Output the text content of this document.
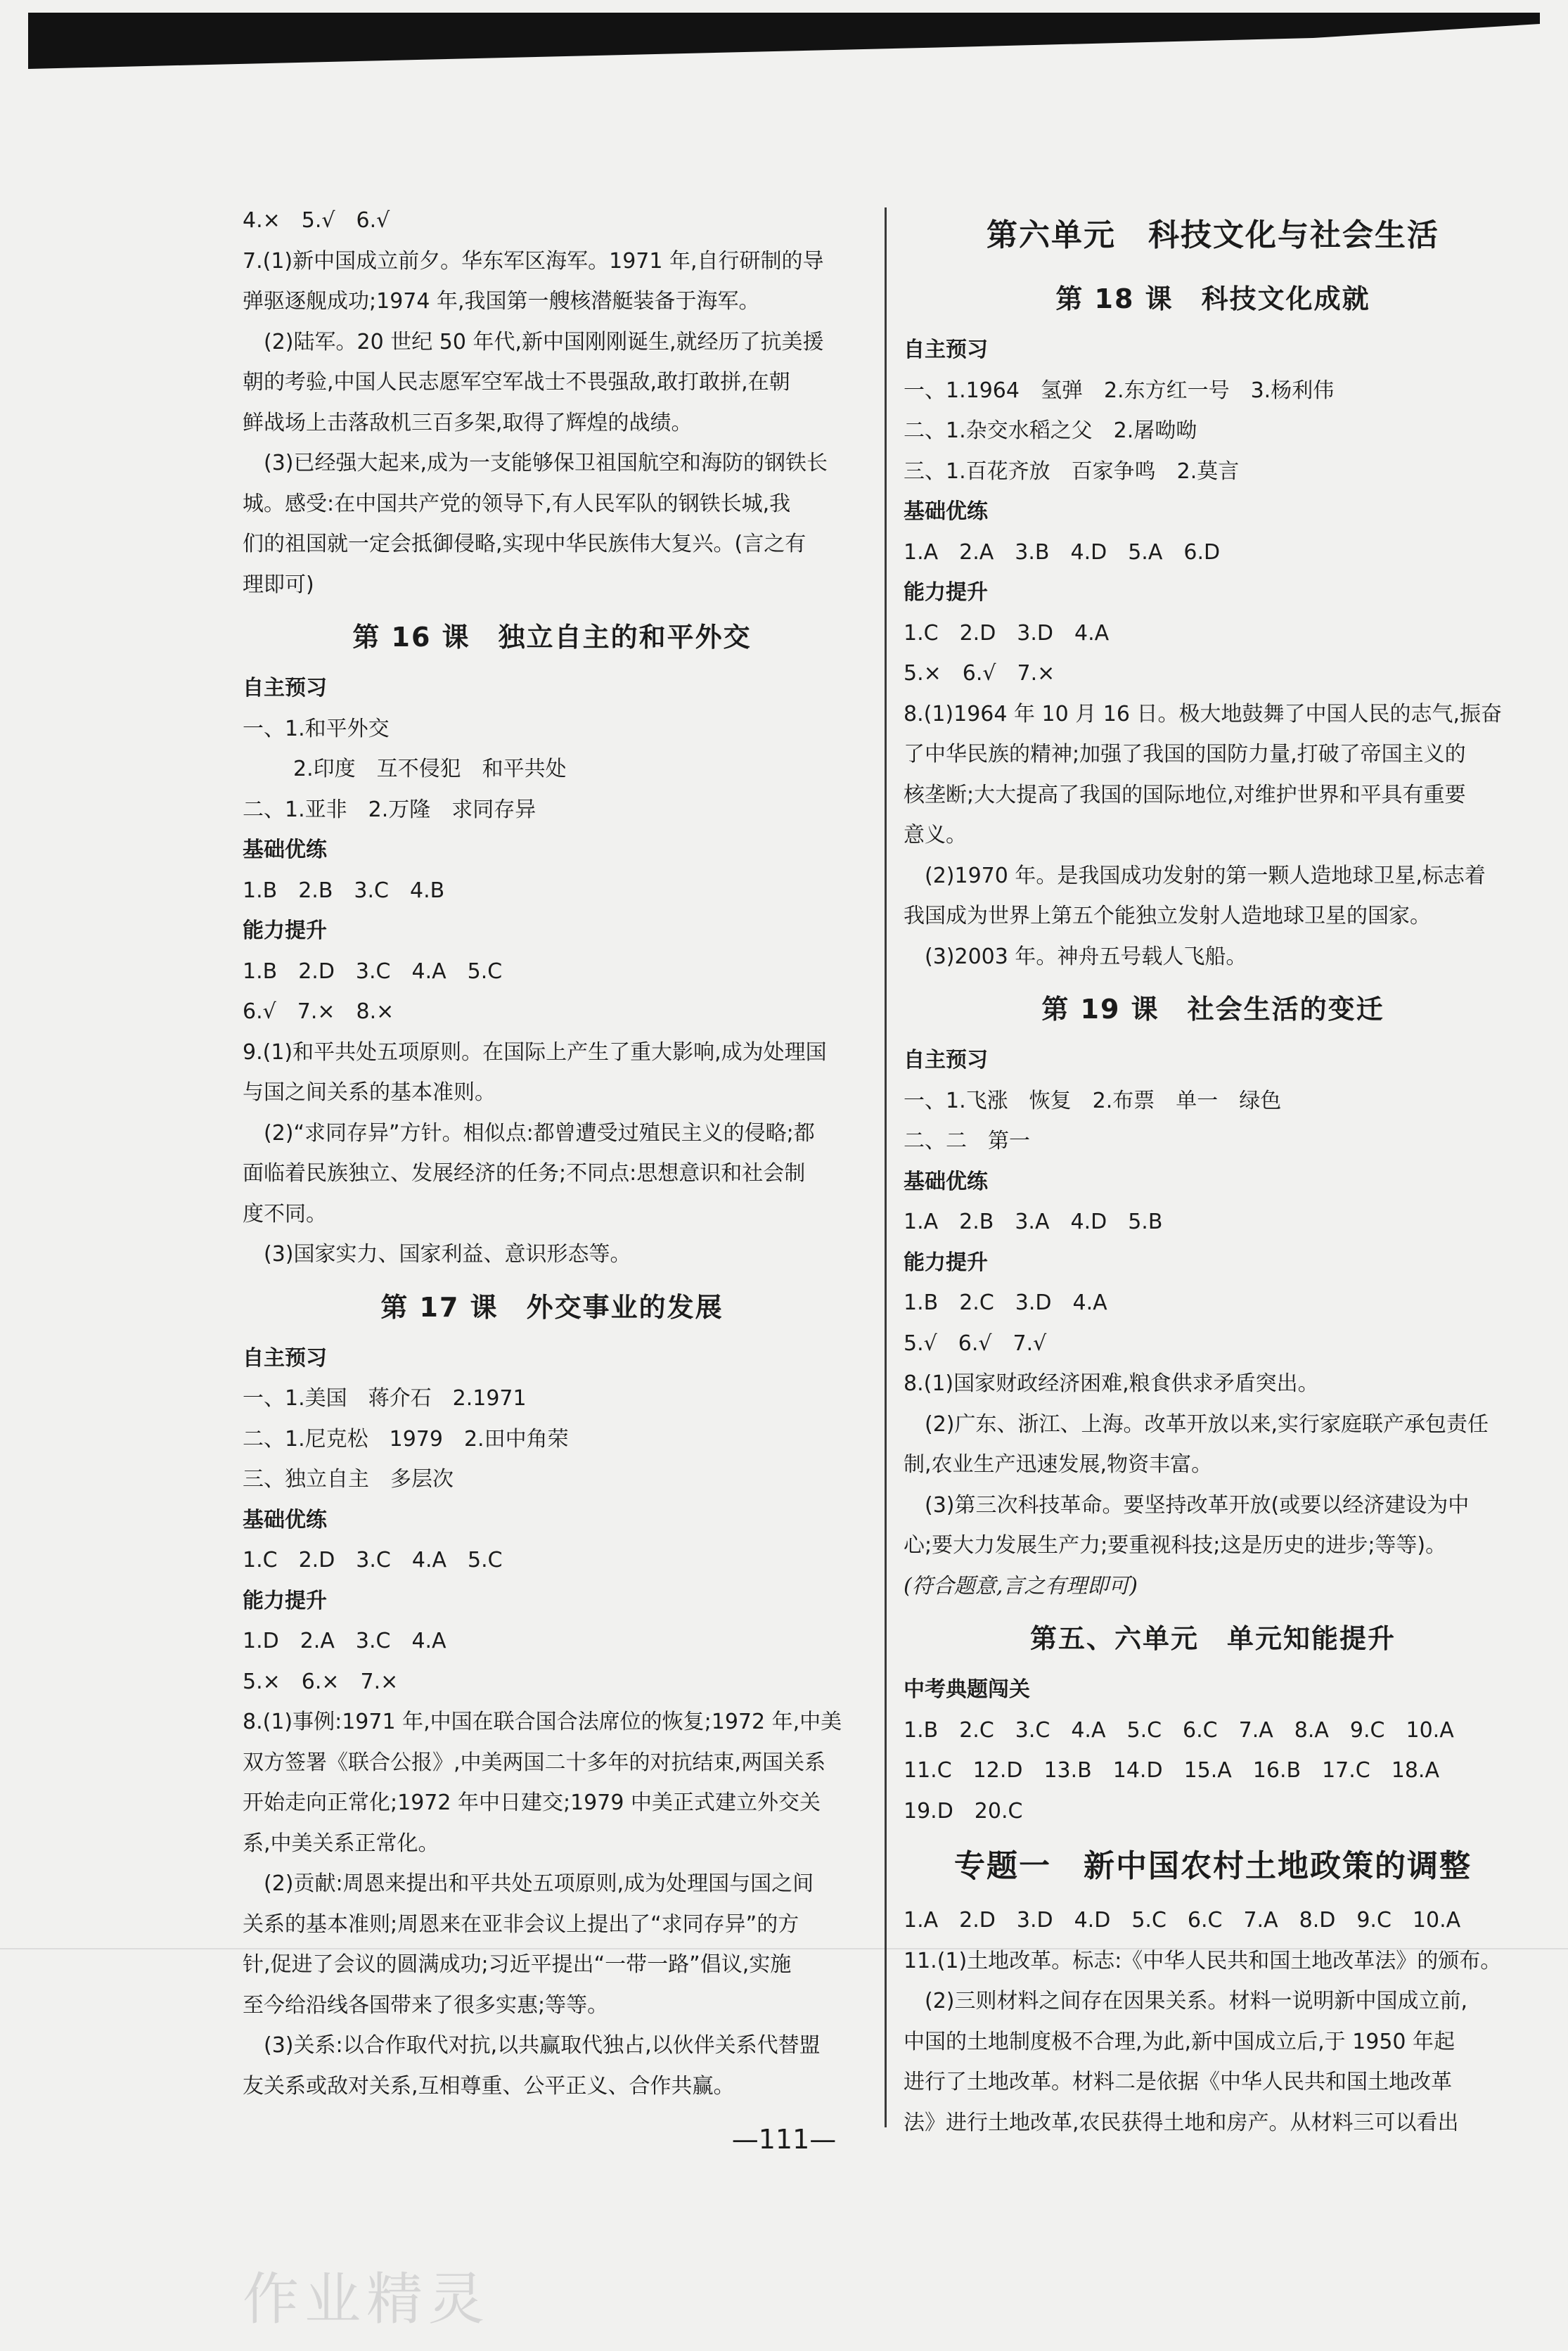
4.×　5.√　6.√

7.(1)新中国成立前夕。华东军区海军。1971 年,自行研制的导

弹驱逐舰成功;1974 年,我国第一艘核潜艇装备于海军。

(2)陆军。20 世纪 50 年代,新中国刚刚诞生,就经历了抗美援

朝的考验,中国人民志愿军空军战士不畏强敌,敢打敢拼,在朝

鲜战场上击落敌机三百多架,取得了辉煌的战绩。

(3)已经强大起来,成为一支能够保卫祖国航空和海防的钢铁长

城。感受:在中国共产党的领导下,有人民军队的钢铁长城,我

们的祖国就一定会抵御侵略,实现中华民族伟大复兴。(言之有

理即可)

第 16 课　独立自主的和平外交

自主预习

一、1.和平外交

2.印度　互不侵犯　和平共处

二、1.亚非　2.万隆　求同存异

基础优练

1.B　2.B　3.C　4.B

能力提升

1.B　2.D　3.C　4.A　5.C

6.√　7.×　8.×

9.(1)和平共处五项原则。在国际上产生了重大影响,成为处理国

与国之间关系的基本准则。

(2)“求同存异”方针。相似点:都曾遭受过殖民主义的侵略;都

面临着民族独立、发展经济的任务;不同点:思想意识和社会制

度不同。

(3)国家实力、国家利益、意识形态等。

第 17 课　外交事业的发展

自主预习

一、1.美国　蒋介石　2.1971

二、1.尼克松　1979　2.田中角荣

三、独立自主　多层次

基础优练

1.C　2.D　3.C　4.A　5.C

能力提升

1.D　2.A　3.C　4.A

5.×　6.×　7.×

8.(1)事例:1971 年,中国在联合国合法席位的恢复;1972 年,中美

双方签署《联合公报》,中美两国二十多年的对抗结束,两国关系

开始走向正常化;1972 年中日建交;1979 中美正式建立外交关

系,中美关系正常化。

(2)贡献:周恩来提出和平共处五项原则,成为处理国与国之间

关系的基本准则;周恩来在亚非会议上提出了“求同存异”的方

针,促进了会议的圆满成功;习近平提出“一带一路”倡议,实施

至今给沿线各国带来了很多实惠;等等。

(3)关系:以合作取代对抗,以共赢取代独占,以伙伴关系代替盟

友关系或敌对关系,互相尊重、公平正义、合作共赢。

第六单元　科技文化与社会生活
第 18 课　科技文化成就

自主预习

一、1.1964　氢弹　2.东方红一号　3.杨利伟

二、1.杂交水稻之父　2.屠呦呦

三、1.百花齐放　百家争鸣　2.莫言

基础优练

1.A　2.A　3.B　4.D　5.A　6.D

能力提升

1.C　2.D　3.D　4.A

5.×　6.√　7.×

8.(1)1964 年 10 月 16 日。极大地鼓舞了中国人民的志气,振奋

了中华民族的精神;加强了我国的国防力量,打破了帝国主义的

核垄断;大大提高了我国的国际地位,对维护世界和平具有重要

意义。

(2)1970 年。是我国成功发射的第一颗人造地球卫星,标志着

我国成为世界上第五个能独立发射人造地球卫星的国家。

(3)2003 年。神舟五号载人飞船。

第 19 课　社会生活的变迁

自主预习

一、1.飞涨　恢复　2.布票　单一　绿色

二、二　第一

基础优练

1.A　2.B　3.A　4.D　5.B

能力提升

1.B　2.C　3.D　4.A

5.√　6.√　7.√

8.(1)国家财政经济困难,粮食供求矛盾突出。

(2)广东、浙江、上海。改革开放以来,实行家庭联产承包责任

制,农业生产迅速发展,物资丰富。

(3)第三次科技革命。要坚持改革开放(或要以经济建设为中

心;要大力发展生产力;要重视科技;这是历史的进步;等等)。

(符合题意,言之有理即可)

第五、六单元　单元知能提升

中考典题闯关

1.B　2.C　3.C　4.A　5.C　6.C　7.A　8.A　9.C　10.A

11.C　12.D　13.B　14.D　15.A　16.B　17.C　18.A

19.D　20.C

专题一　新中国农村土地政策的调整

1.A　2.D　3.D　4.D　5.C　6.C　7.A　8.D　9.C　10.A

11.(1)土地改革。标志:《中华人民共和国土地改革法》的颁布。

(2)三则材料之间存在因果关系。材料一说明新中国成立前,

中国的土地制度极不合理,为此,新中国成立后,于 1950 年起

进行了土地改革。材料二是依据《中华人民共和国土地改革

法》进行土地改革,农民获得土地和房产。从材料三可以看出

—111—
作业精灵
